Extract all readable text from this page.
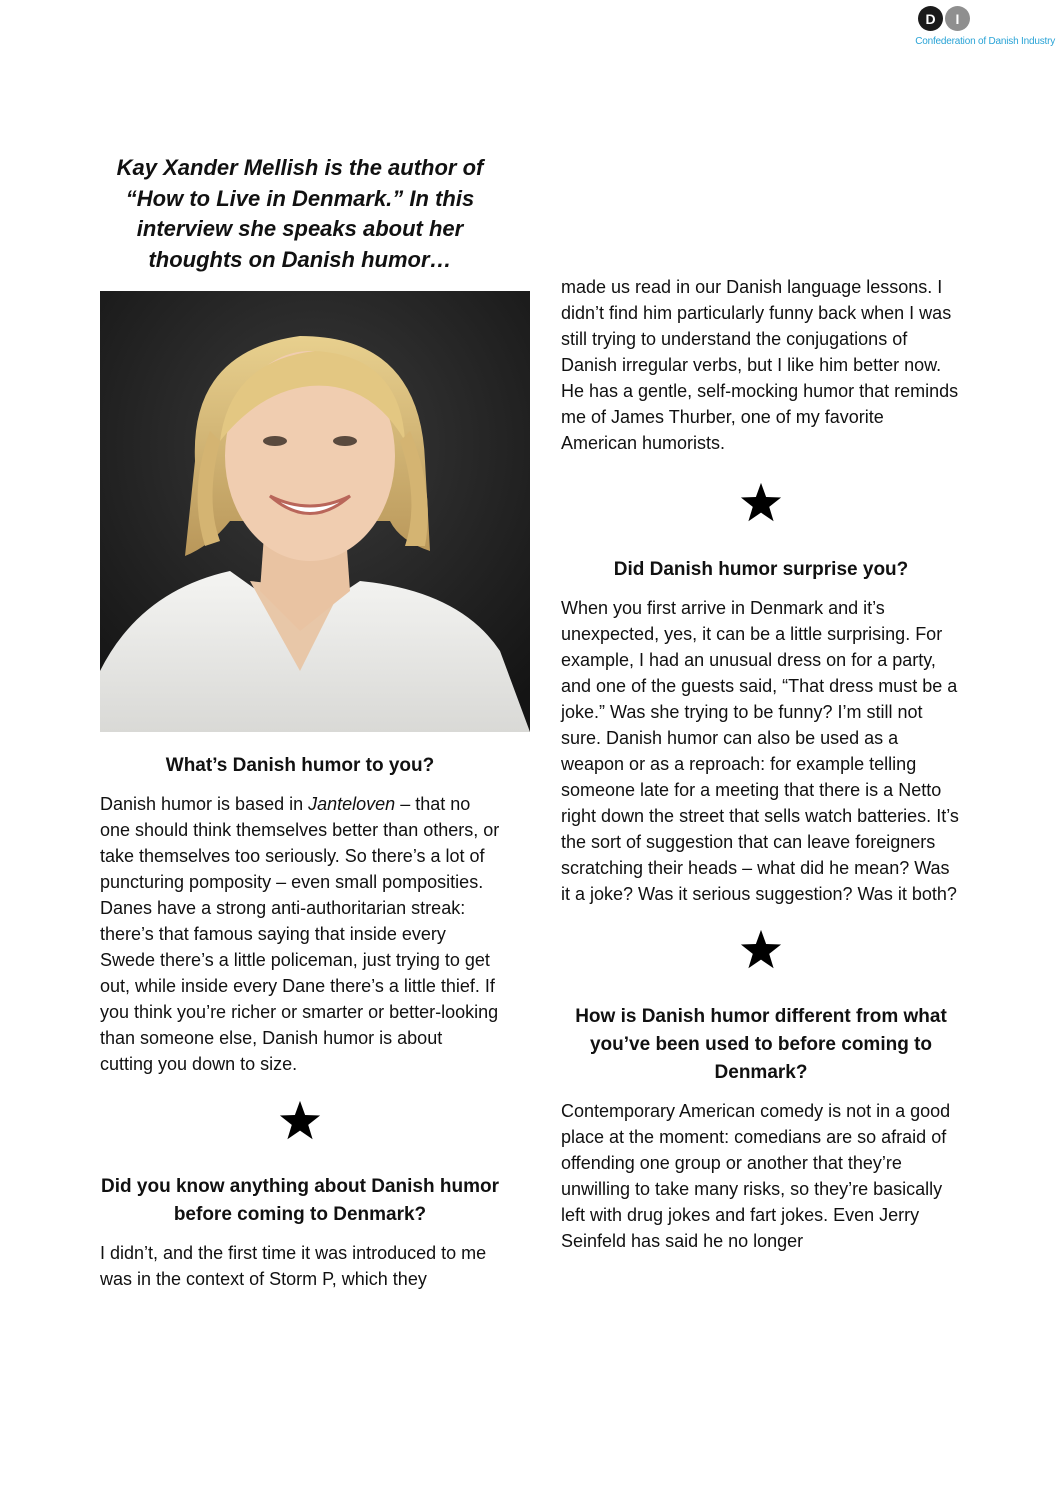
D	I
Confederation of Danish Industry

Kay Xander Mellish is the author of “How to Live in Denmark.” In this interview she speaks about her thoughts on Danish humor…

What’s Danish humor to you?

Danish humor is based in Janteloven – that no one should think themselves better than others, or take themselves too seriously. So there’s a lot of puncturing pomposity – even small pomposities. Danes have a strong anti-authoritarian streak: there’s that famous saying that inside every Swede there’s a little policeman, just trying to get out, while inside every Dane there’s a little thief. If you think you’re richer or smarter or better-looking than someone else, Danish humor is about cutting you down to size.

Did you know anything about Danish humor before coming to Denmark?

I didn’t, and the first time it was introduced to me was in the context of Storm P, which they

made us read in our Danish language lessons. I didn’t find him particularly funny back when I was still trying to understand the conjugations of Danish irregular verbs, but I like him better now. He has a gentle, self-mocking humor that reminds me of James Thurber, one of my favorite American humorists.

Did Danish humor surprise you?

When you first arrive in Denmark and it’s unexpected, yes, it can be a little surprising. For example, I had an unusual dress on for a party, and one of the guests said, “That dress must be a joke.” Was she trying to be funny? I’m still not sure. Danish humor can also be used as a weapon or as a reproach: for example telling someone late for a meeting that there is a Netto right down the street that sells watch batteries. It’s the sort of suggestion that can leave foreigners scratching their heads – what did he mean? Was it a joke? Was it serious suggestion? Was it both?

How is Danish humor different from what you’ve been used to before coming to Denmark?

Contemporary American comedy is not in a good place at the moment: comedians are so afraid of offending one group or another that they’re unwilling to take many risks, so they’re basically left with drug jokes and fart jokes. Even Jerry Seinfeld has said he no longer
